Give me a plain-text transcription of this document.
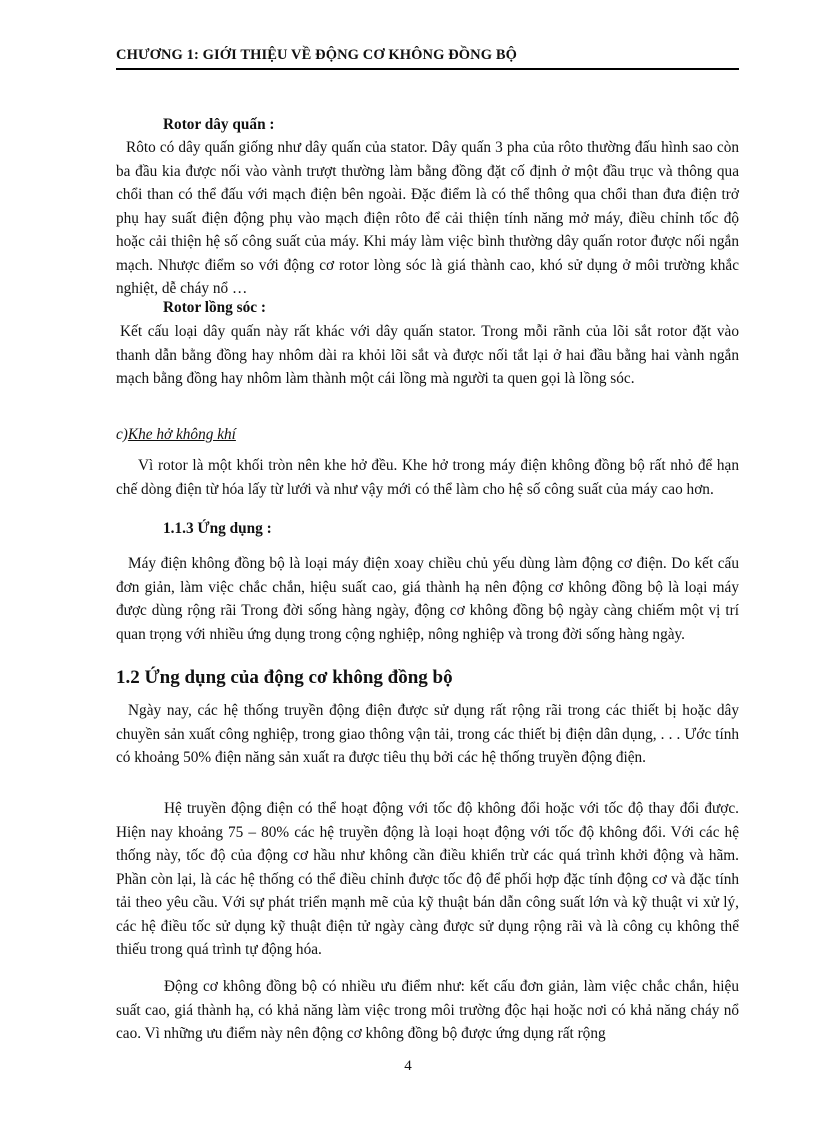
CHƯƠNG 1: GIỚI THIỆU VỀ ĐỘNG CƠ KHÔNG ĐỒNG BỘ

Rotor dây quấn :

Rôto có dây quấn giống như dây quấn của stator. Dây quấn 3 pha của rôto thường đấu hình sao còn ba đầu kia được nối vào vành trượt thường làm bằng đồng đặt cố định ở một đầu trục và thông qua chổi than có thể đấu với mạch điện bên ngoài. Đặc điểm là có thể thông qua chổi than đưa điện trở phụ hay suất điện động phụ vào mạch điện rôto để cải thiện tính năng mở máy, điều chỉnh tốc độ hoặc cải thiện hệ số công suất của máy. Khi máy làm việc bình thường dây quấn rotor được nối ngắn mạch. Nhược điểm so với động cơ rotor lòng sóc là giá thành cao, khó sử dụng ở môi trường khắc nghiệt, dễ cháy nổ …

Rotor lồng sóc :

Kết cấu loại dây quấn này rất khác với dây quấn stator. Trong mỗi rãnh của lõi sắt rotor đặt vào thanh dẫn bằng đồng hay nhôm dài ra khỏi lõi sắt và được nối tắt lại ở hai đầu bằng hai vành ngắn mạch bằng đồng hay nhôm làm thành một cái lồng mà người ta quen gọi là lồng sóc.

c)Khe hở không khí

Vì rotor là một khối tròn nên khe hở đều. Khe hở trong máy điện không đồng bộ rất nhỏ để hạn chế dòng điện từ hóa lấy từ lưới và như vậy mới có thể làm cho hệ số công suất của máy cao hơn.

1.1.3 Ứng dụng :

Máy điện không đồng bộ là loại máy điện xoay chiều chủ yếu dùng làm động cơ điện. Do kết cấu đơn giản, làm việc chắc chắn, hiệu suất cao, giá thành hạ nên động cơ không đồng bộ là loại máy được dùng rộng rãi Trong đời sống hàng ngày, động cơ không đồng bộ ngày càng chiếm một vị trí quan trọng với nhiều ứng dụng trong cộng nghiệp, nông nghiệp và trong đời sống hàng ngày.

1.2 Ứng dụng của động cơ không đồng bộ

Ngày nay, các hệ thống truyền động điện được sử dụng rất rộng rãi trong các thiết bị hoặc dây chuyền sản xuất công nghiệp, trong giao thông vận tải, trong các thiết bị điện dân dụng, . . . Ước tính có khoảng 50% điện năng sản xuất ra được tiêu thụ bởi các hệ thống truyền động điện.

Hệ truyền động điện có thể hoạt động với tốc độ không đổi hoặc với tốc độ thay đổi được. Hiện nay khoảng 75 – 80% các hệ truyền động là loại hoạt động với tốc độ không đổi. Với các hệ thống này, tốc độ của động cơ hầu như không cần điều khiển trừ các quá trình khởi động và hãm. Phần còn lại, là các hệ thống có thể điều chỉnh được tốc độ để phối hợp đặc tính động cơ và đặc tính tải theo yêu cầu. Với sự phát triển mạnh mẽ của kỹ thuật bán dẫn công suất lớn và kỹ thuật vi xử lý, các hệ điều tốc sử dụng kỹ thuật điện tử ngày càng được sử dụng rộng rãi và là công cụ không thể thiếu trong quá trình tự động hóa.

Động cơ không đồng bộ có nhiều ưu điểm như: kết cấu đơn giản, làm việc chắc chắn, hiệu suất cao, giá thành hạ, có khả năng làm việc trong môi trường độc hại hoặc nơi có khả năng cháy nổ cao. Vì những ưu điểm này nên động cơ không đồng bộ được ứng dụng rất rộng

4
